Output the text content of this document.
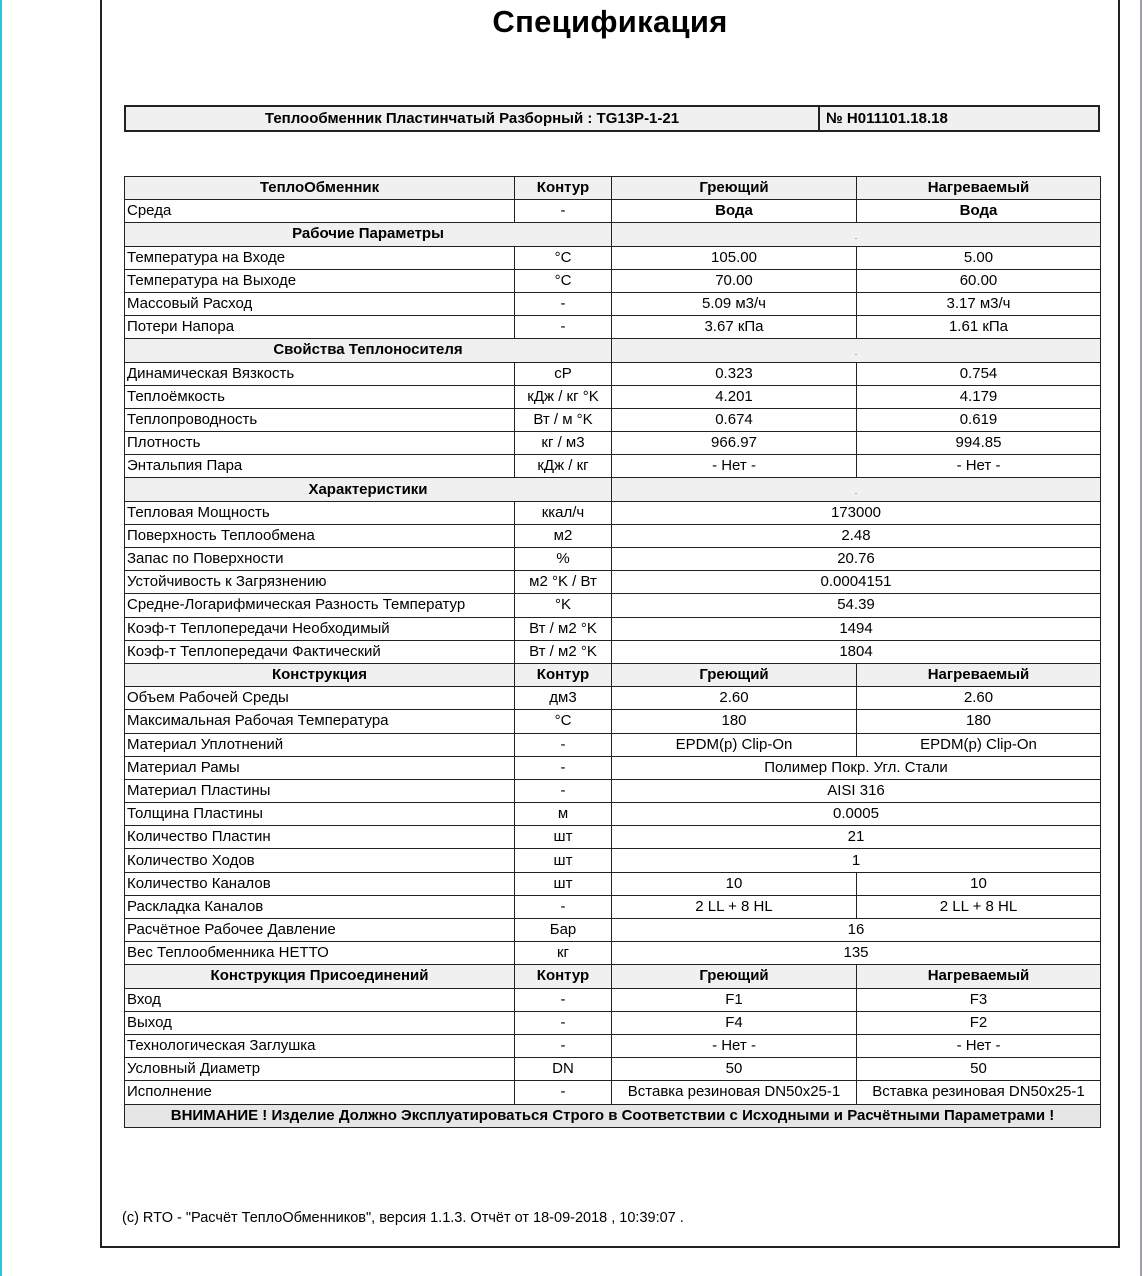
Спецификация
Теплообменник Пластинчатый Разборный : TG13P-1-21	№ Н011101.18.18
ТеплоОбменник	Контур	Греющий	Нагреваемый
Среда	-	Вода	Вода
Рабочие Параметры		.	
Температура на Входе	°C	105.00	5.00
Температура на Выходе	°C	70.00	60.00
Массовый Расход	-	5.09 м3/ч	3.17 м3/ч
Потери Напора	-	3.67 кПа	1.61 кПа
Свойства Теплоносителя		.	
Динамическая Вязкость	сP	0.323	0.754
Теплоёмкость	кДж / кг °K	4.201	4.179
Теплопроводность	Вт / м °K	0.674	0.619
Плотность	кг / м3	966.97	994.85
Энтальпия Пара	кДж / кг	- Нет -	- Нет -
Характеристики		.	
Тепловая Мощность	ккал/ч	173000	
Поверхность Теплообмена	м2	2.48	
Запас по Поверхности	%	20.76	
Устойчивость к Загрязнению	м2 °K / Вт	0.0004151	
Средне-Логарифмическая Разность Температур	°K	54.39	
Коэф-т Теплопередачи Необходимый	Вт / м2 °K	1494	
Коэф-т Теплопередачи Фактический	Вт / м2 °K	1804	
Конструкция	Контур	Греющий	Нагреваемый
Объем Рабочей Среды	дм3	2.60	2.60
Максимальная Рабочая Температура	°C	180	180
Материал Уплотнений	-	EPDM(p) Clip-On	EPDM(p) Clip-On
Материал Рамы	-	Полимер Покр. Угл. Стали	
Материал Пластины	-	AISI 316	
Толщина Пластины	м	0.0005	
Количество Пластин	шт	21	
Количество Ходов	шт	1	
Количество Каналов	шт	10	10
Раскладка Каналов	-	2 LL + 8 HL	2 LL + 8 HL
Расчётное Рабочее Давление	Бар	16	
Вес Теплообменника НЕТТО	кг	135	
Конструкция Присоединений	Контур	Греющий	Нагреваемый
Вход	-	F1	F3
Выход	-	F4	F2
Технологическая Заглушка	-	- Нет -	- Нет -
Условный Диаметр	DN	50	50
Исполнение	-	Вставка резиновая DN50x25-1	Вставка резиновая DN50x25-1
ВНИМАНИЕ ! Изделие Должно Эксплуатироваться Строго в Соответствии с Исходными и Расчётными Параметрами !			
(c) RTO - "Расчёт ТеплоОбменников", версия 1.1.3. Отчёт от 18-09-2018 , 10:39:07 .
